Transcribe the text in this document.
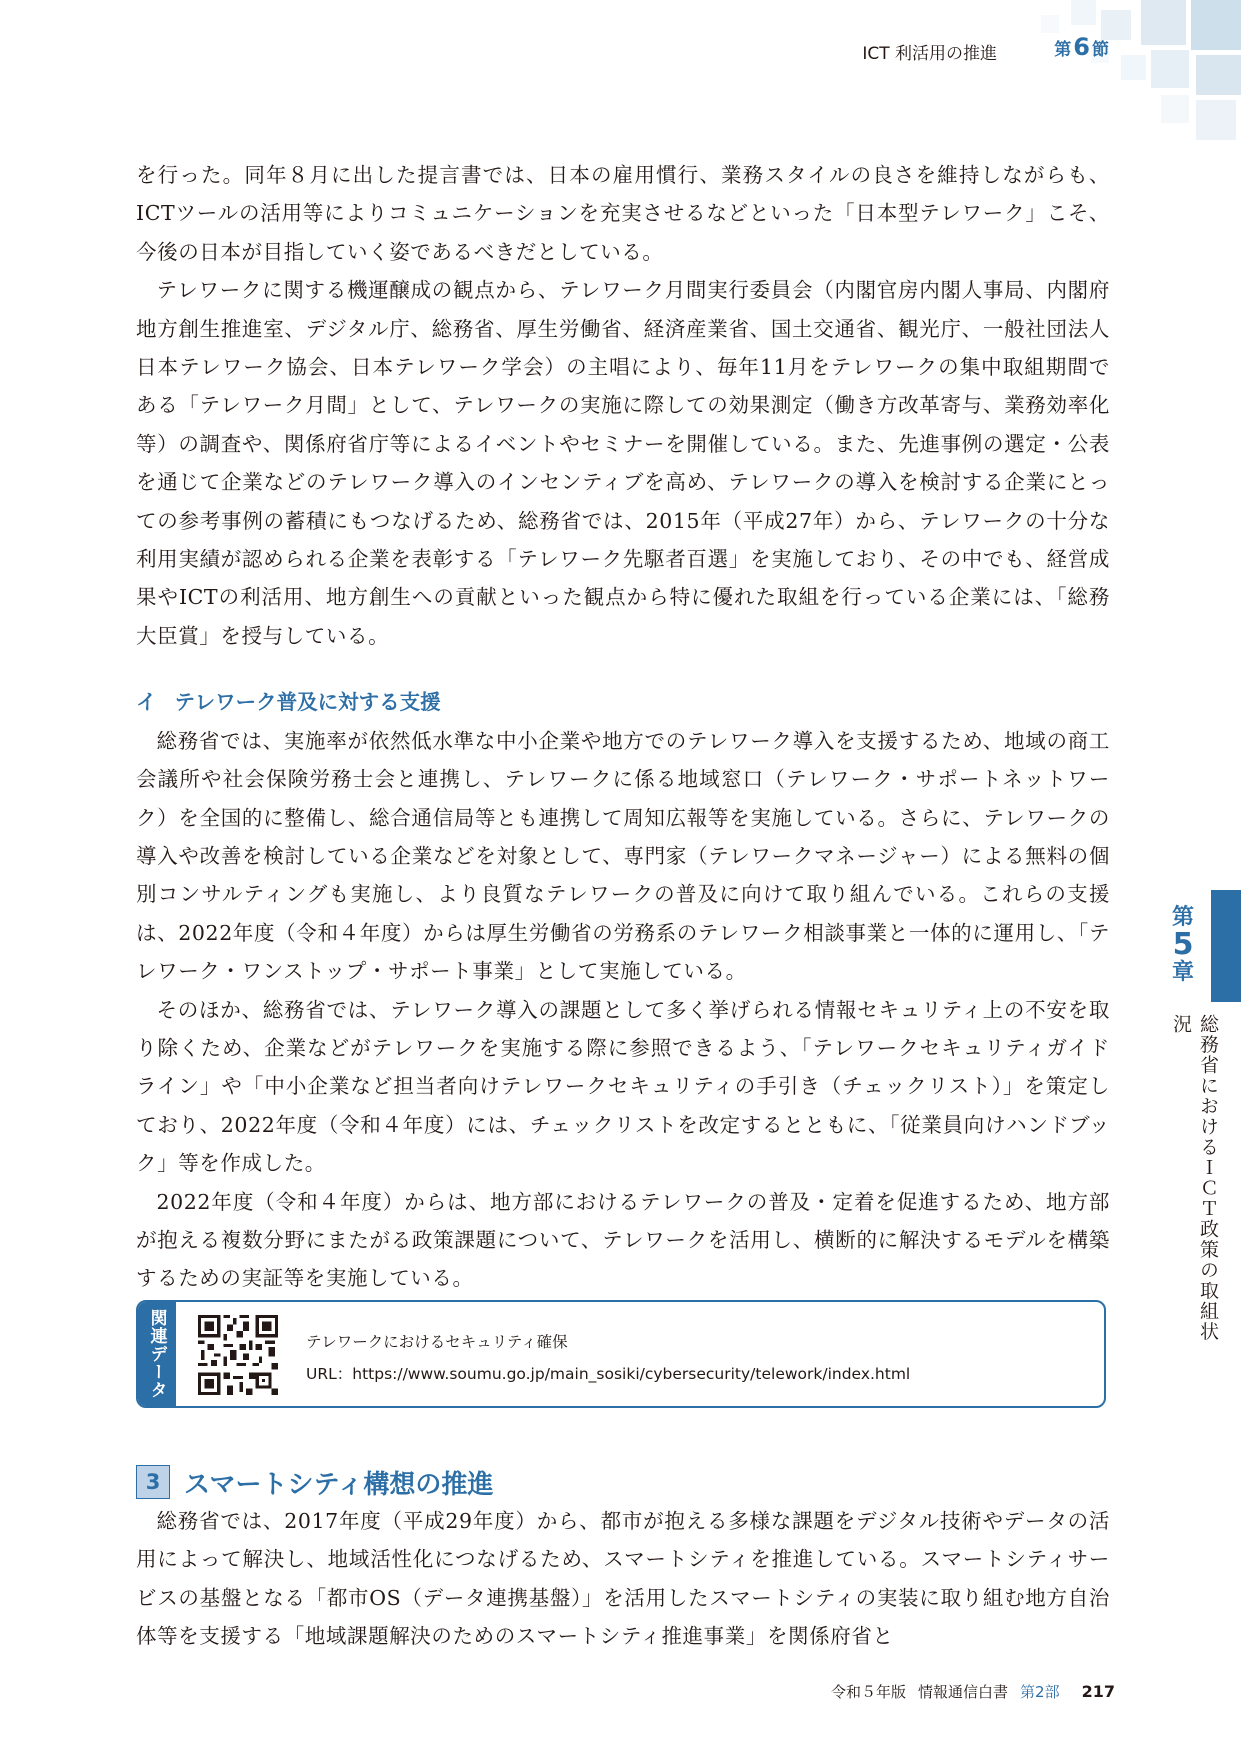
ICT 利活用の推進	第6 節

を行った。同年８月に出した提言書では、日本の雇用慣行、業務スタイルの良さを維持しながらも、ICTツールの活用等によりコミュニケーションを充実させるなどといった「日本型テレワーク」こそ、今後の日本が目指していく姿であるべきだとしている。

テレワークに関する機運醸成の観点から、テレワーク月間実行委員会（内閣官房内閣人事局、内閣府地方創生推進室、デジタル庁、総務省、厚生労働省、経済産業省、国土交通省、観光庁、一般社団法人日本テレワーク協会、日本テレワーク学会）の主唱により、毎年11月をテレワークの集中取組期間である「テレワーク月間」として、テレワークの実施に際しての効果測定（働き方改革寄与、業務効率化等）の調査や、関係府省庁等によるイベントやセミナーを開催している。また、先進事例の選定・公表を通じて企業などのテレワーク導入のインセンティブを高め、テレワークの導入を検討する企業にとっての参考事例の蓄積にもつなげるため、総務省では、2015年（平成27年）から、テレワークの十分な利用実績が認められる企業を表彰する「テレワーク先駆者百選」を実施しており、その中でも、経営成果やICTの利活用、地方創生への貢献といった観点から特に優れた取組を行っている企業には、「総務大臣賞」を授与している。

イ テレワーク普及に対する支援

総務省では、実施率が依然低水準な中小企業や地方でのテレワーク導入を支援するため、地域の商工会議所や社会保険労務士会と連携し、テレワークに係る地域窓口（テレワーク・サポートネットワーク）を全国的に整備し、総合通信局等とも連携して周知広報等を実施している。さらに、テレワークの導入や改善を検討している企業などを対象として、専門家（テレワークマネージャー）による無料の個別コンサルティングも実施し、より良質なテレワークの普及に向けて取り組んでいる。これらの支援は、2022年度（令和４年度）からは厚生労働省の労務系のテレワーク相談事業と一体的に運用し、「テレワーク・ワンストップ・サポート事業」として実施している。

そのほか、総務省では、テレワーク導入の課題として多く挙げられる情報セキュリティ上の不安を取り除くため、企業などがテレワークを実施する際に参照できるよう、「テレワークセキュリティガイドライン」や「中小企業など担当者向けテレワークセキュリティの手引き（チェックリスト）」を策定しており、2022年度（令和４年度）には、チェックリストを改定するとともに、「従業員向けハンドブック」等を作成した。

2022年度（令和４年度）からは、地方部におけるテレワークの普及・定着を促進するため、地方部が抱える複数分野にまたがる政策課題について、テレワークを活用し、横断的に解決するモデルを構築するための実証等を実施している。

関連データ	テレワークにおけるセキュリティ確保
URL：https://www.soumu.go.jp/main_sosiki/cybersecurity/telework/index.html
3 スマートシティ構想の推進

総務省では、2017年度（平成29年度）から、都市が抱える多様な課題をデジタル技術やデータの活用によって解決し、地域活性化につなげるため、スマートシティを推進している。スマートシティサービスの基盤となる「都市OS（データ連携基盤）」を活用したスマートシティの実装に取り組む地方自治体等を支援する「地域課題解決のためのスマートシティ推進事業」を関係府省と

第
5
章
総務省におけるＩＣＴ政策の取組状況
令和５年版 情報通信白書 第2部 217
